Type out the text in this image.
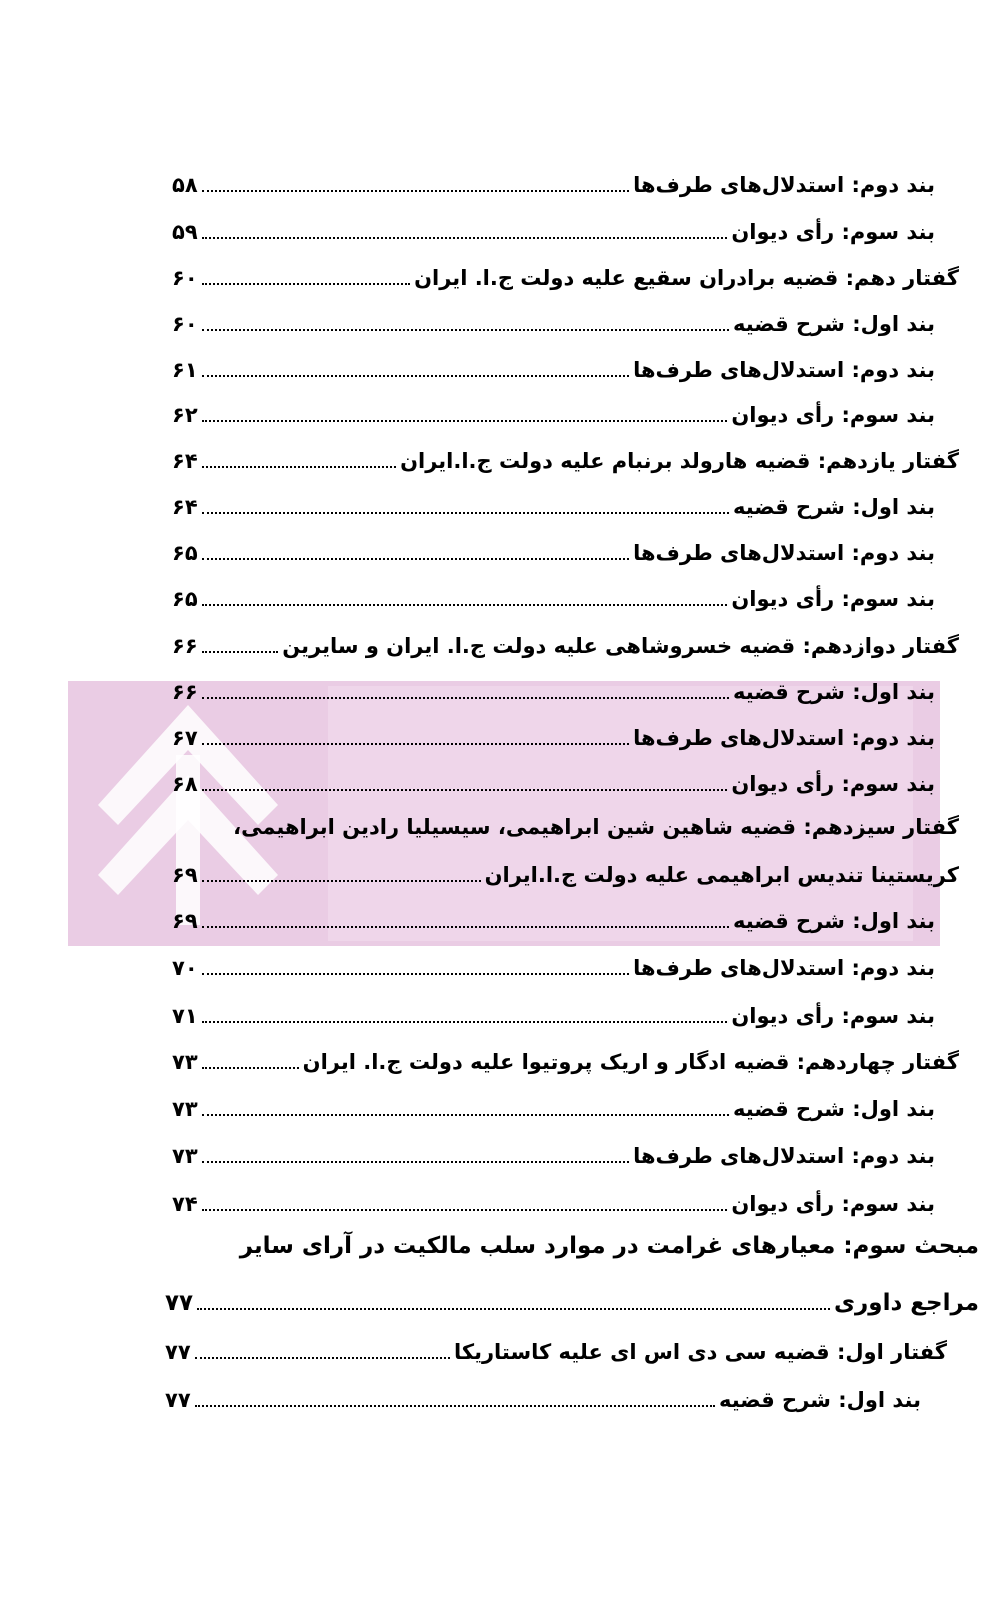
بند دوم: استدلال‌های طرف‌ها
۵۸
بند سوم: رأی دیوان
۵۹
گفتار دهم: قضیه برادران سقیع علیه دولت ج.ا. ایران
۶۰
بند اول: شرح قضیه
۶۰
بند دوم: استدلال‌های طرف‌ها
۶۱
بند سوم: رأی دیوان
۶۲
گفتار یازدهم: قضیه هارولد برنبام علیه دولت ج.ا.ایران
۶۴
بند اول: شرح قضیه
۶۴
بند دوم: استدلال‌های طرف‌ها
۶۵
بند سوم: رأی دیوان
۶۵
گفتار دوازدهم: قضیه خسروشاهی علیه دولت ج.ا. ایران و سایرین
۶۶
بند اول: شرح قضیه
۶۶
بند دوم: استدلال‌های طرف‌ها
۶۷
بند سوم: رأی دیوان
۶۸
گفتار سیزدهم: قضیه شاهین شین ابراهیمی، سیسیلیا رادین ابراهیمی،
کریستینا تندیس ابراهیمی علیه دولت ج.ا.ایران
۶۹
بند اول: شرح قضیه
۶۹
بند دوم: استدلال‌های طرف‌ها
۷۰
بند سوم: رأی دیوان
۷۱
گفتار چهاردهم: قضیه ادگار و اریک پروتیوا علیه دولت ج.ا. ایران
۷۳
بند اول: شرح قضیه
۷۳
بند دوم: استدلال‌های طرف‌ها
۷۳
بند سوم: رأی دیوان
۷۴
مبحث سوم: معیارهای غرامت در موارد سلب مالکیت در آرای سایر
مراجع داوری
۷۷
گفتار اول: قضیه سی دی اس ای علیه کاستاریکا
۷۷
بند اول: شرح قضیه
۷۷
